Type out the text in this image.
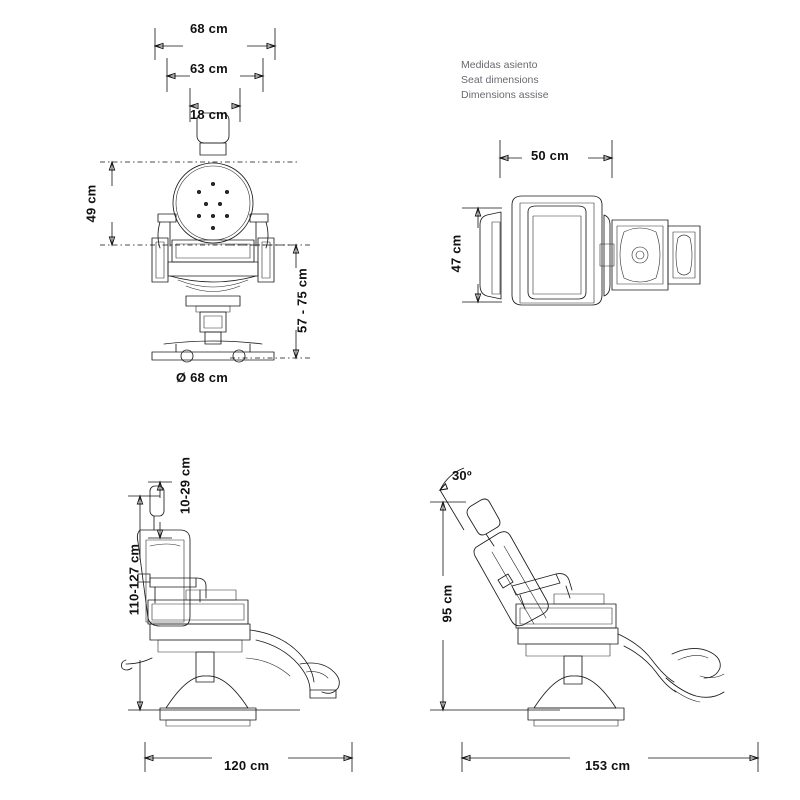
68 cm
63 cm
18 cm
49 cm
57 - 75 cm
Ø 68 cm
Medidas asiento
Seat dimensions
Dimensions assise
50 cm
47 cm
10-29 cm
110-127 cm
120 cm
30º
95 cm
153 cm
